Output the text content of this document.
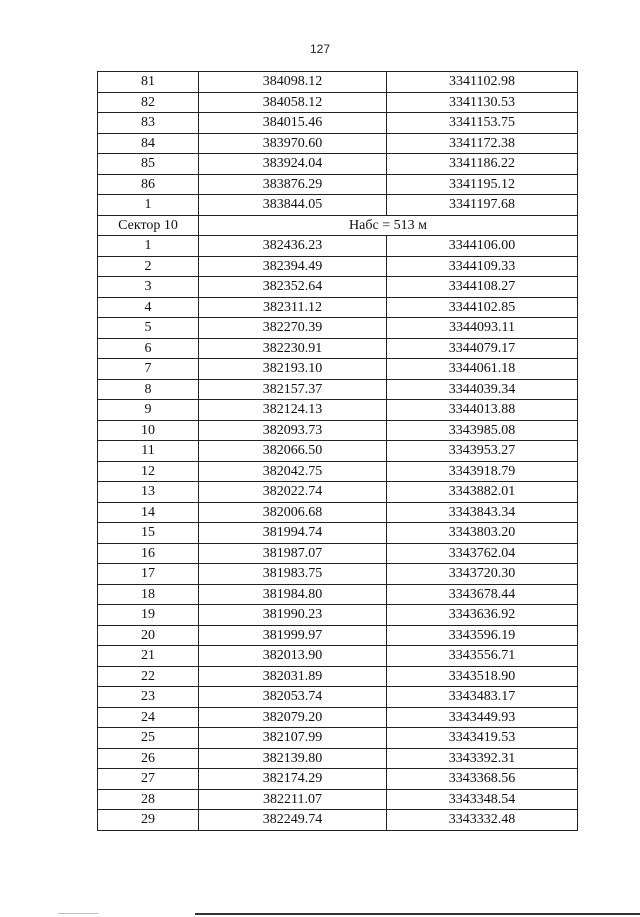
127
81	384098.12	3341102.98
82	384058.12	3341130.53
83	384015.46	3341153.75
84	383970.60	3341172.38
85	383924.04	3341186.22
86	383876.29	3341195.12
1	383844.05	3341197.68
Сектор 10	Набс = 513 м	
1	382436.23	3344106.00
2	382394.49	3344109.33
3	382352.64	3344108.27
4	382311.12	3344102.85
5	382270.39	3344093.11
6	382230.91	3344079.17
7	382193.10	3344061.18
8	382157.37	3344039.34
9	382124.13	3344013.88
10	382093.73	3343985.08
11	382066.50	3343953.27
12	382042.75	3343918.79
13	382022.74	3343882.01
14	382006.68	3343843.34
15	381994.74	3343803.20
16	381987.07	3343762.04
17	381983.75	3343720.30
18	381984.80	3343678.44
19	381990.23	3343636.92
20	381999.97	3343596.19
21	382013.90	3343556.71
22	382031.89	3343518.90
23	382053.74	3343483.17
24	382079.20	3343449.93
25	382107.99	3343419.53
26	382139.80	3343392.31
27	382174.29	3343368.56
28	382211.07	3343348.54
29	382249.74	3343332.48
